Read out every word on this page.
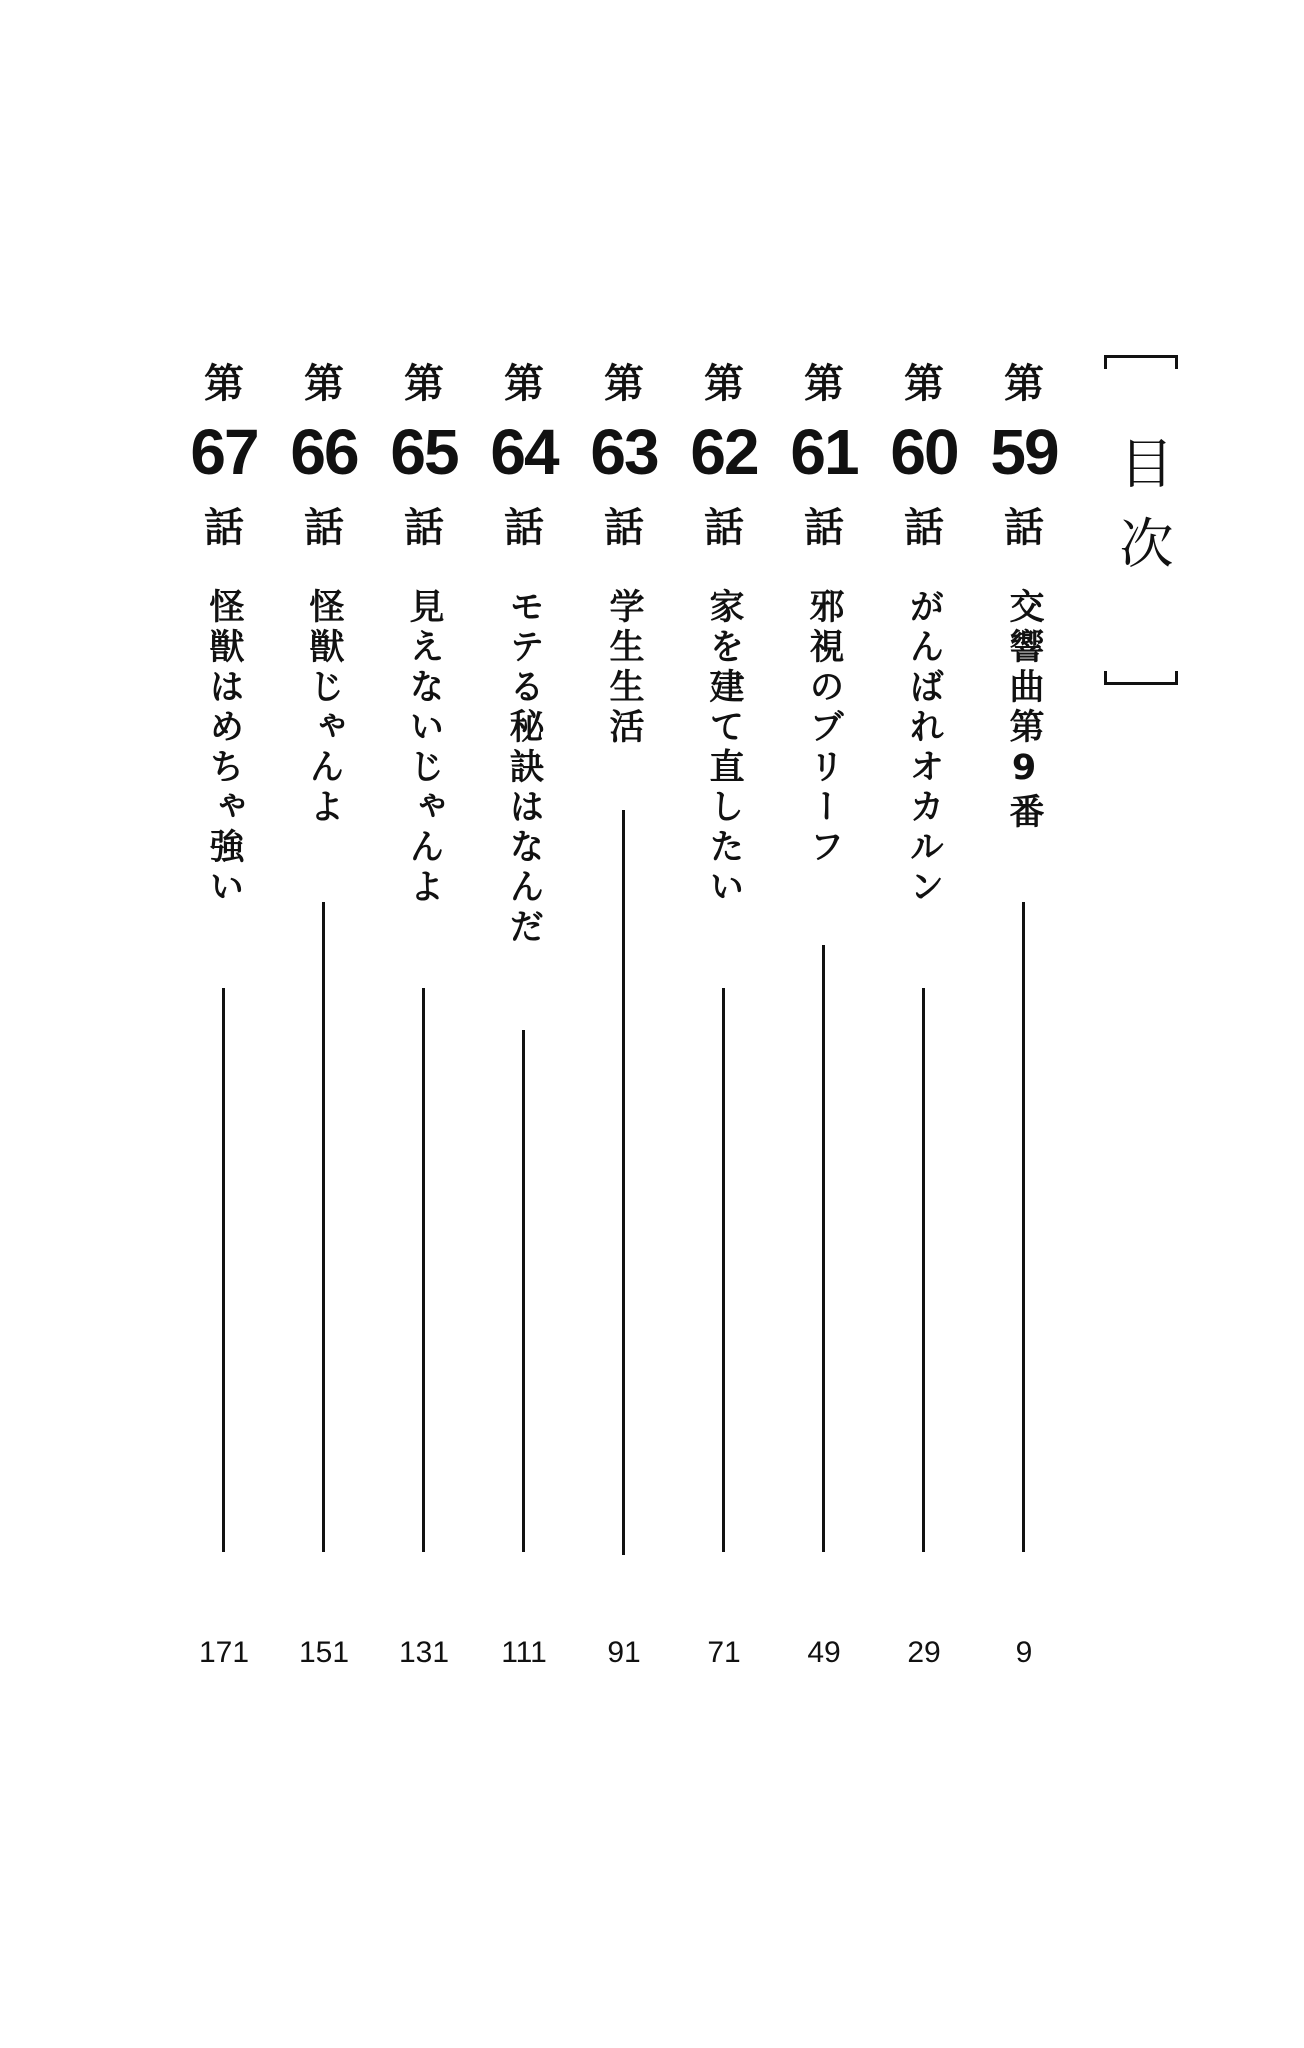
目次
第
59
話
交響曲第9番
9
第
60
話
がんばれオカルン
29
第
61
話
邪視のブリーフ
49
第
62
話
家を建て直したい
71
第
63
話
学生生活
91
第
64
話
モテる秘訣はなんだ
111
第
65
話
見えないじゃんよ
131
第
66
話
怪獣じゃんよ
151
第
67
話
怪獣はめちゃ強い
171
